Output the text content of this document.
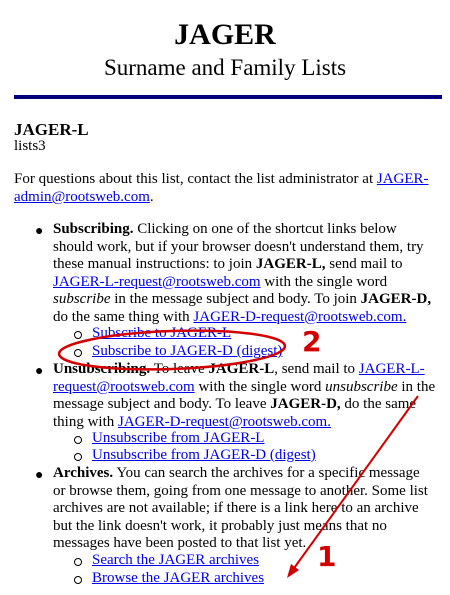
JAGER
Surname and Family Lists
JAGER-L
lists3
For questions about this list, contact the list administrator at JAGER-admin@rootsweb.com.
● Subscribing. Clicking on one of the shortcut links below
should work, but if your browser doesn't understand them, try
these manual instructions: to join JAGER-L, send mail to
JAGER-L-request@rootsweb.com with the single word
subscribe in the message subject and body. To join JAGER-D,
do the same thing with JAGER-D-request@rootsweb.com.
Subscribe to JAGER-L
Subscribe to JAGER-D (digest)
● Unsubscribing. To leave JAGER-L, send mail to JAGER-L-
request@rootsweb.com with the single word unsubscribe in the
message subject and body. To leave JAGER-D, do the same
thing with JAGER-D-request@rootsweb.com.
Unsubscribe from JAGER-L
Unsubscribe from JAGER-D (digest)
● Archives. You can search the archives for a specific message
or browse them, going from one message to another. Some list
archives are not available; if there is a link here to an archive
but the link doesn't work, it probably just means that no
messages have been posted to that list yet.
Search the JAGER archives
Browse the JAGER archives
2
1
